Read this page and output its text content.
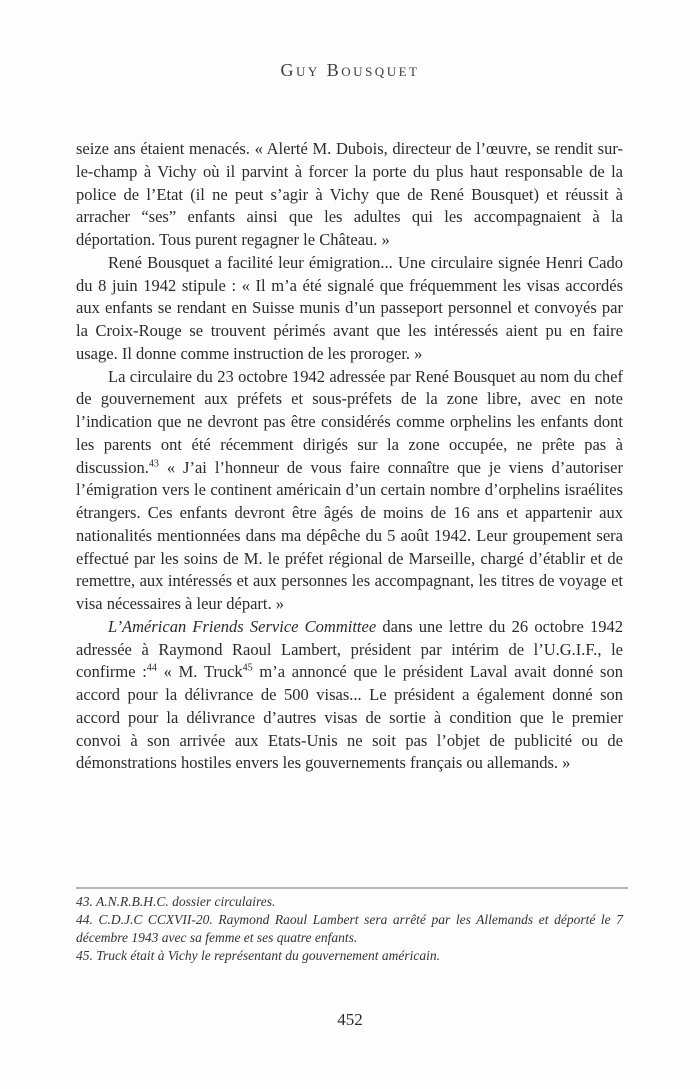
Guy Bousquet

seize ans étaient menacés. « Alerté M. Dubois, directeur de l’œuvre, se rendit sur-le-champ à Vichy où il parvint à forcer la porte du plus haut responsable de la police de l’Etat (il ne peut s’agir à Vichy que de René Bousquet) et réussit à arracher “ses” enfants ainsi que les adultes qui les accompagnaient à la déportation. Tous purent regagner le Château. »

René Bousquet a facilité leur émigration... Une circulaire signée Henri Cado du 8 juin 1942 stipule : « Il m’a été signalé que fréquemment les visas accordés aux enfants se rendant en Suisse munis d’un passeport personnel et convoyés par la Croix-Rouge se trouvent périmés avant que les intéressés aient pu en faire usage. Il donne comme instruction de les proroger. »

La circulaire du 23 octobre 1942 adressée par René Bousquet au nom du chef de gouvernement aux préfets et sous-préfets de la zone libre, avec en note l’indication que ne devront pas être considérés comme orphelins les enfants dont les parents ont été récemment dirigés sur la zone occupée, ne prête pas à discussion.$^{43}$ « J’ai l’honneur de vous faire connaître que je viens d’autoriser l’émigration vers le continent américain d’un certain nombre d’orphelins israélites étrangers. Ces enfants devront être âgés de moins de 16 ans et appartenir aux nationalités mentionnées dans ma dépêche du 5 août 1942. Leur groupement sera effectué par les soins de M. le préfet régional de Marseille, chargé d’établir et de remettre, aux intéressés et aux personnes les accompagnant, les titres de voyage et visa nécessaires à leur départ. »

L’Américan Friends Service Committee dans une lettre du 26 octobre 1942 adressée à Raymond Raoul Lambert, président par intérim de l’U.G.I.F., le confirme :$^{44}$ « M. Truck$^{45}$ m’a annoncé que le président Laval avait donné son accord pour la délivrance de 500 visas... Le président a également donné son accord pour la délivrance d’autres visas de sortie à condition que le premier convoi à son arrivée aux Etats-Unis ne soit pas l’objet de publicité ou de démonstrations hostiles envers les gouvernements français ou allemands. »

43. A.N.R.B.H.C. dossier circulaires.

44. C.D.J.C CCXVII-20. Raymond Raoul Lambert sera arrêté par les Allemands et déporté le 7 décembre 1943 avec sa femme et ses quatre enfants.

45. Truck était à Vichy le représentant du gouvernement américain.

452
